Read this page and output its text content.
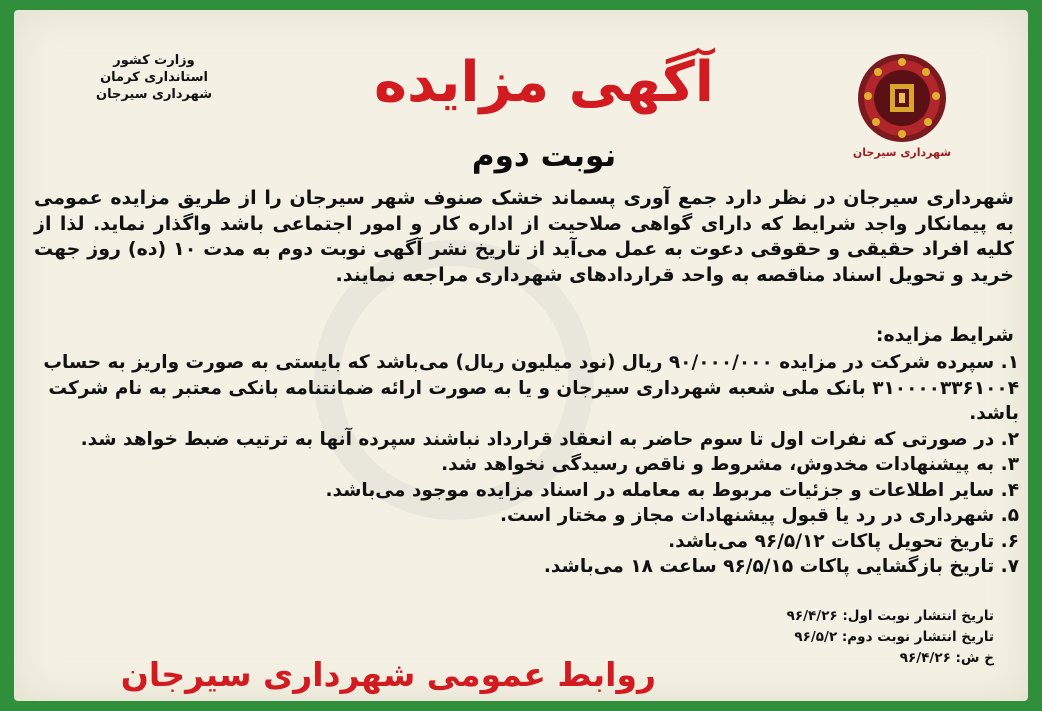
شهرداری سیرجان
وزارت کشور
استانداری کرمان
شهرداری سیرجان	آگهی مزایده
نوبت دوم

شهرداری سیرجان در نظر دارد جمع آوری پسماند خشک صنوف شهر سیرجان را از طریق مزایده عمومی به پیمانکار واجد شرایط که دارای گواهی صلاحیت از اداره کار و امور اجتماعی باشد واگذار نماید. لذا از کلیه افراد حقیقی و حقوقی دعوت به عمل می‌آید از تاریخ نشر آگهی نوبت دوم به مدت ۱۰ (ده) روز جهت خرید و تحویل اسناد مناقصه به واحد قراردادهای شهرداری مراجعه نمایند.

شرایط مزایده:
۱. سپرده شرکت در مزایده ۹۰/۰۰۰/۰۰۰ ریال (نود میلیون ریال) می‌باشد که بایستی به صورت واریز به حساب ۳۱۰۰۰۰۳۳۶۱۰۰۴ بانک ملی شعبه شهرداری سیرجان و یا به صورت ارائه ضمانتنامه بانکی معتبر به نام شرکت باشد.
۲. در صورتی که نفرات اول تا سوم حاضر به انعقاد قرارداد نباشند سپرده آنها به ترتیب ضبط خواهد شد.
۳. به پیشنهادات مخدوش، مشروط و ناقص رسیدگی نخواهد شد.
۴. سایر اطلاعات و جزئیات مربوط به معامله در اسناد مزایده موجود می‌باشد.
۵. شهرداری در رد یا قبول پیشنهادات مجاز و مختار است.
۶. تاریخ تحویل پاکات ۹۶/۵/۱۲ می‌باشد.
۷. تاریخ بازگشایی پاکات ۹۶/۵/۱۵ ساعت ۱۸ می‌باشد.
تاریخ انتشار نوبت اول: ۹۶/۴/۲۶
تاریخ انتشار نوبت دوم: ۹۶/۵/۲
خ ش: ۹۶/۴/۲۶
روابط عمومی شهرداری سیرجان
